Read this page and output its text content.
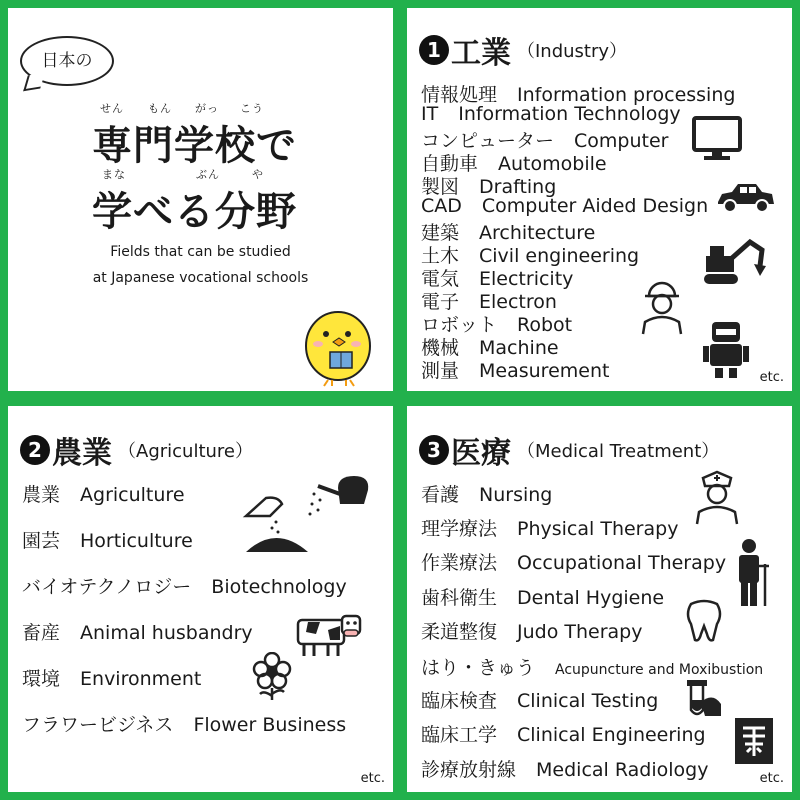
日本の
せん もん がっ こう
専門学校で
まな	ぶん	や
学べる分野
Fields that can be studied
at Japanese vocational schools
1 工業 （Industry）
情報処理 Information processing
IT Information Technology
コンピューター Computer
自動車 Automobile
製図 Drafting
CAD Computer Aided Design
建築 Architecture
土木 Civil engineering
電気 Electricity
電子 Electron
ロボット Robot
機械 Machine
測量 Measurement	etc.
2 農業 （Agriculture）
農業 Agriculture
園芸 Horticulture
バイオテクノロジー Biotechnology
畜産 Animal husbandry
環境 Environment
フラワービジネス Flower Business
etc.
3 医療 （Medical Treatment）
看護 Nursing
理学療法 Physical Therapy
作業療法 Occupational Therapy
歯科衛生 Dental Hygiene
柔道整復 Judo Therapy
はり・きゅう Acupuncture and Moxibustion
臨床検査 Clinical Testing
臨床工学 Clinical Engineering
診療放射線 Medical Radiology	etc.
